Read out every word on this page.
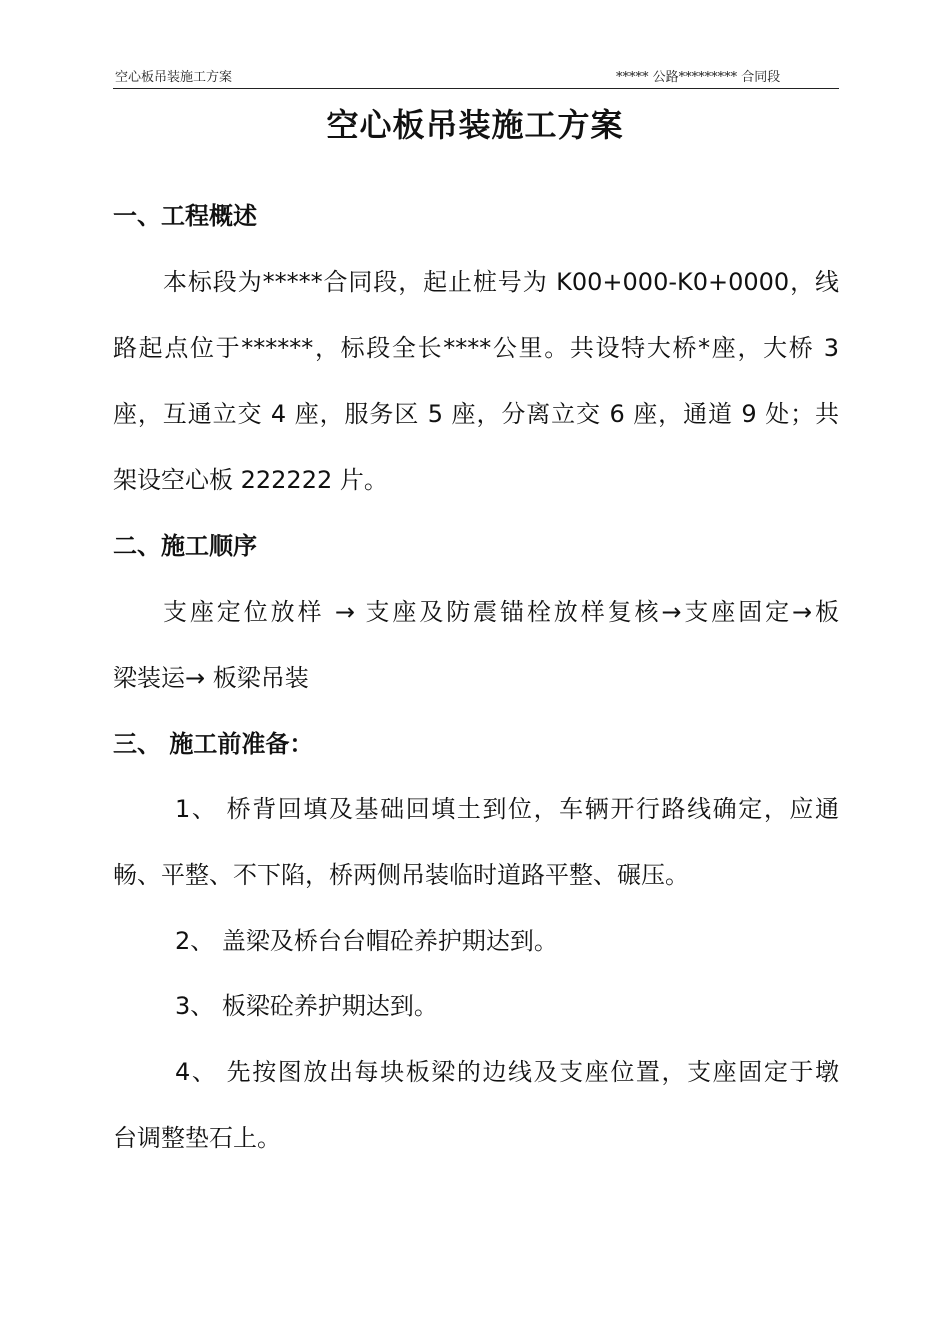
空心板吊装施工方案	***** 公路********* 合同段
空心板吊装施工方案
一、工程概述
本标段为*****合同段，起止桩号为 K00+000-K0+0000，线
路起点位于******，标段全长****公里。共设特大桥*座，大桥 3
座，互通立交 4 座，服务区 5 座，分离立交 6 座，通道 9 处；共
架设空心板 222222 片。
二、施工顺序
支座定位放样 → 支座及防震锚栓放样复核→支座固定→板
梁装运→ 板梁吊装
三、 施工前准备：
1、 桥背回填及基础回填土到位，车辆开行路线确定，应通
畅、平整、不下陷，桥两侧吊装临时道路平整、碾压。
2、 盖梁及桥台台帽砼养护期达到。
3、 板梁砼养护期达到。
4、 先按图放出每块板梁的边线及支座位置，支座固定于墩
台调整垫石上。
